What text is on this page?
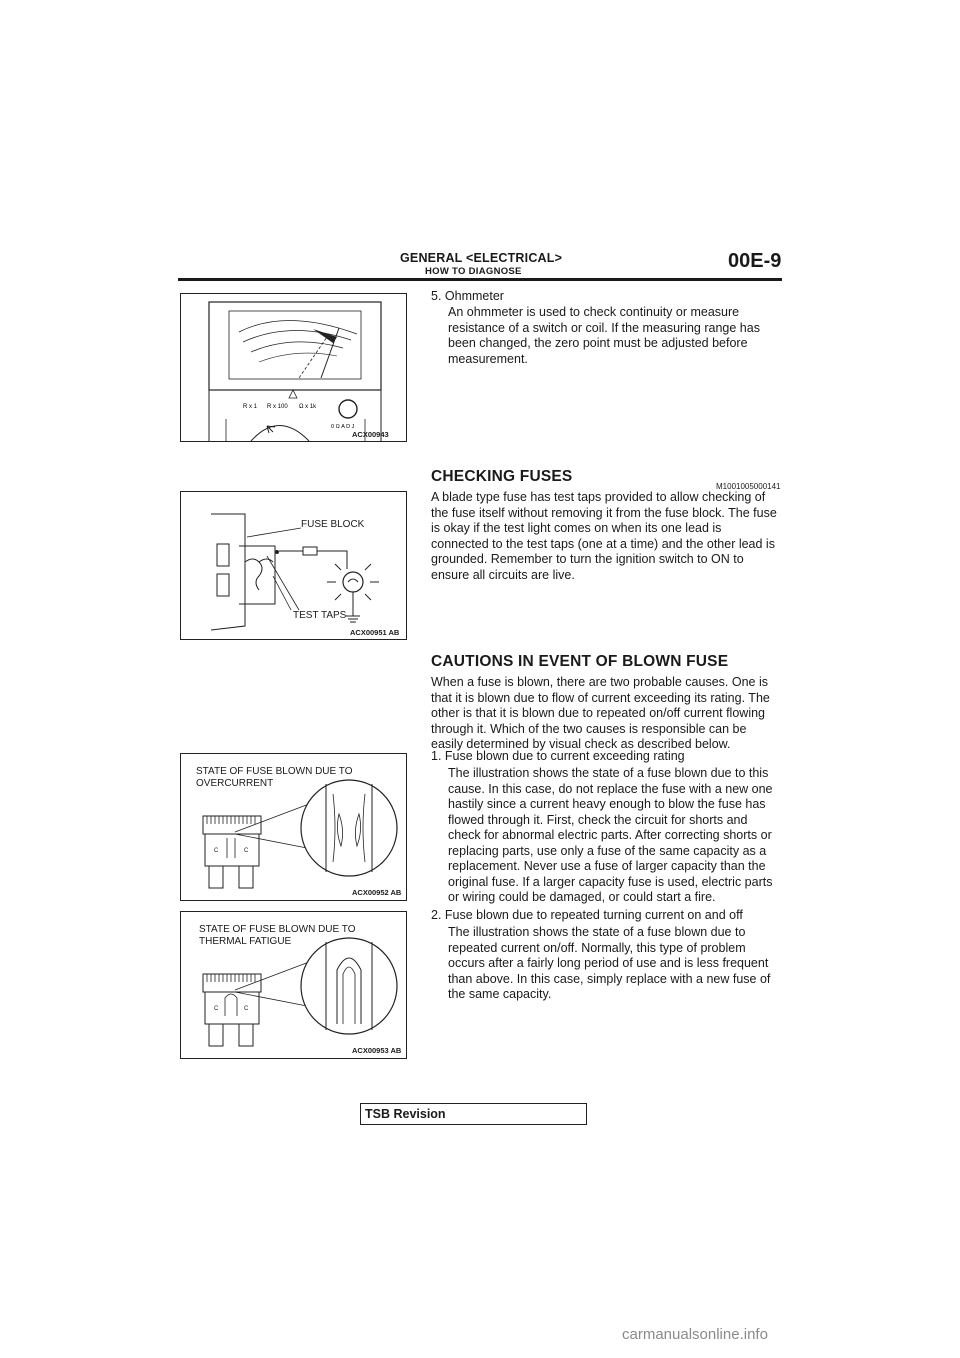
GENERAL <ELECTRICAL>
HOW TO DIAGNOSE	00E-9
R x 1 R x 100 Ω x 1k
0 Ω A D J
ACX00943
5. Ohmmeter
An ohmmeter is used to check continuity or measure resistance of a switch or coil. If the measuring range has been changed, the zero point must be adjusted before measurement.
FUSE BLOCK
TEST TAPS
ACX00951 AB
CHECKING FUSES
M1001005000141
A blade type fuse has test taps provided to allow checking of the fuse itself without removing it from the fuse block. The fuse is okay if the test light comes on when its one lead is connected to the test taps (one at a time) and the other lead is grounded. Remember to turn the ignition switch to ON to ensure all circuits are live.
CAUTIONS IN EVENT OF BLOWN FUSE
When a fuse is blown, there are two probable causes. One is that it is blown due to flow of current exceeding its rating. The other is that it is blown due to repeated on/off current flowing through it. Which of the two causes is responsible can be easily determined by visual check as described below.
STATE OF FUSE BLOWN DUE TO
OVERCURRENT
C	C
ACX00952 AB
1. Fuse blown due to current exceeding rating
The illustration shows the state of a fuse blown due to this cause. In this case, do not replace the fuse with a new one hastily since a current heavy enough to blow the fuse has flowed through it. First, check the circuit for shorts and check for abnormal electric parts. After correcting shorts or replacing parts, use only a fuse of the same capacity as a replacement. Never use a fuse of larger capacity than the original fuse. If a larger capacity fuse is used, electric parts or wiring could be damaged, or could start a fire.
STATE OF FUSE BLOWN DUE TO
THERMAL FATIGUE
C	C
ACX00953 AB
2. Fuse blown due to repeated turning current on and off
The illustration shows the state of a fuse blown due to repeated current on/off. Normally, this type of problem occurs after a fairly long period of use and is less frequent than above. In this case, simply replace with a new fuse of the same capacity.
TSB Revision
carmanualsonline.info
